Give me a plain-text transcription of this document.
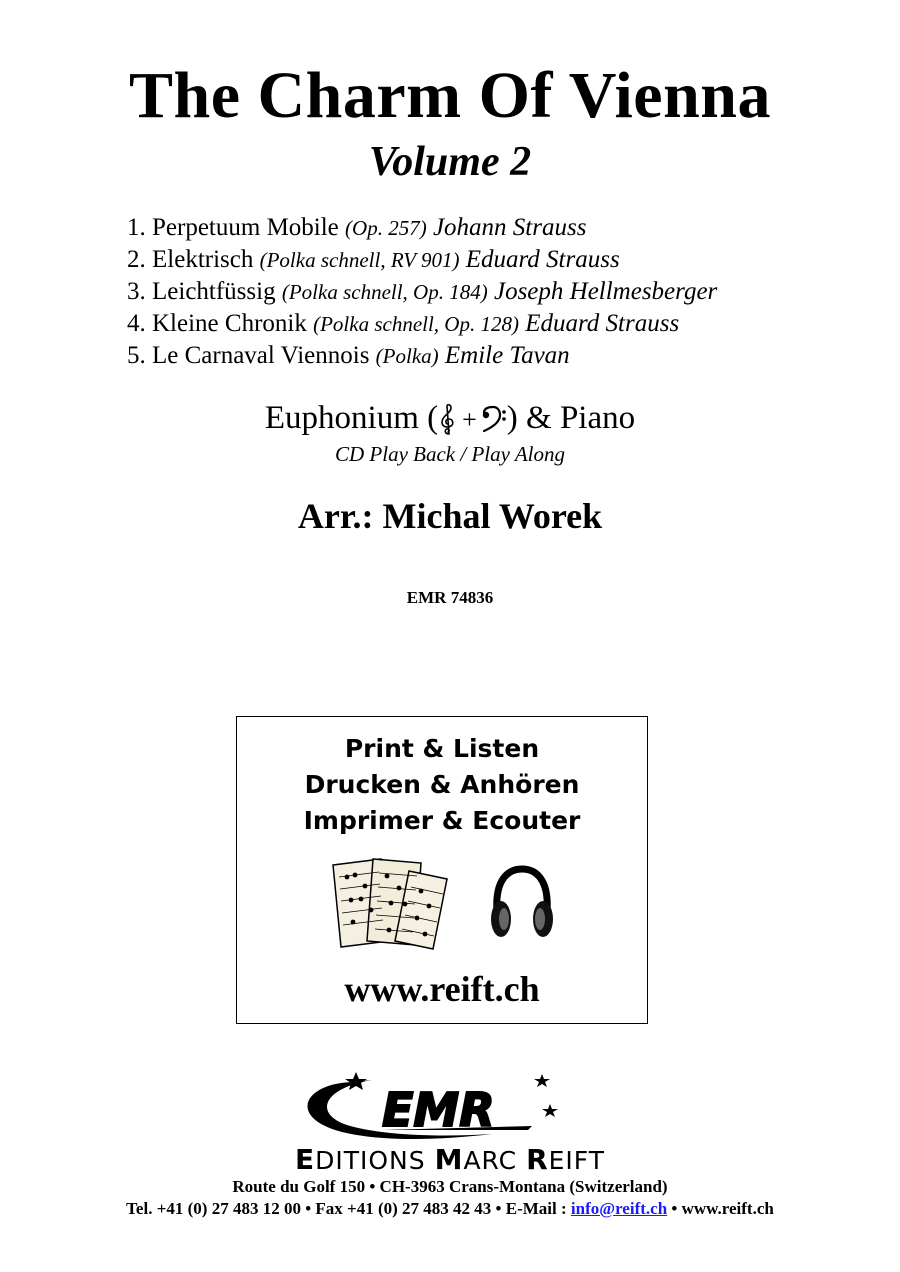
The Charm Of Vienna
Volume 2
1. Perpetuum Mobile (Op. 257) Johann Strauss
2. Elektrisch (Polka schnell, RV 901) Eduard Strauss
3. Leichtfüssig (Polka schnell, Op. 184) Joseph Hellmesberger
4. Kleine Chronik (Polka schnell, Op. 128) Eduard Strauss
5. Le Carnaval Viennois (Polka) Emile Tavan
Euphonium ( + ) & Piano
CD Play Back / Play Along
Arr.: Michal Worek
EMR 74836
Print & Listen
Drucken & Anhören
Imprimer & Ecouter
www.reift.ch
EMR
EDITIONS MARC REIFT
Route du Golf 150 • CH-3963 Crans-Montana (Switzerland)
Tel. +41 (0) 27 483 12 00 • Fax +41 (0) 27 483 42 43 • E-Mail : info@reift.ch • www.reift.ch
